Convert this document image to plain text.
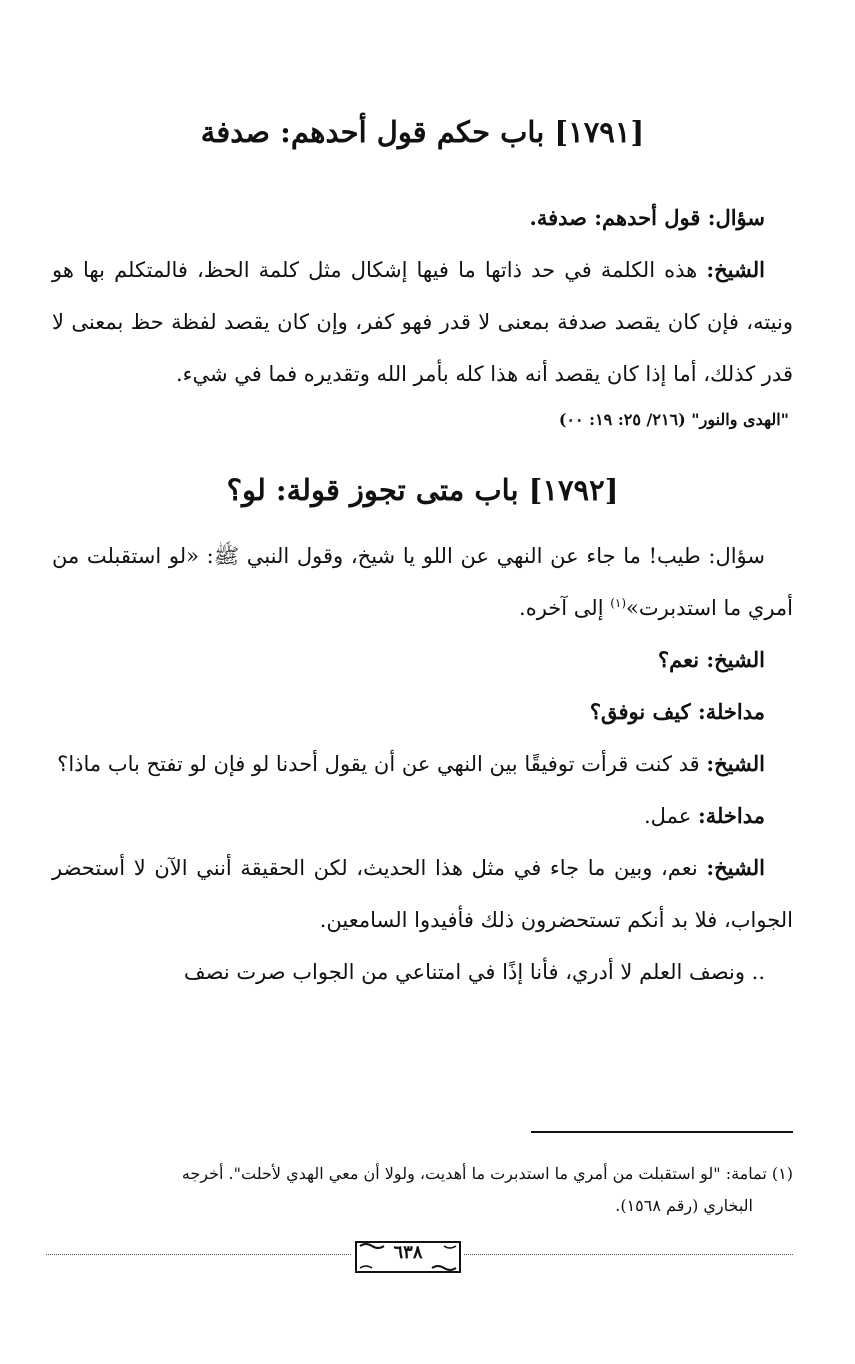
[١٧٩١] باب حكم قول أحدهم: صدفة

سؤال: قول أحدهم: صدفة.

الشيخ: هذه الكلمة في حد ذاتها ما فيها إشكال مثل كلمة الحظ، فالمتكلم بها هو ونيته، فإن كان يقصد صدفة بمعنى لا قدر فهو كفر، وإن كان يقصد لفظة حظ بمعنى لا قدر كذلك، أما إذا كان يقصد أنه هذا كله بأمر الله وتقديره فما في شيء.

"الهدى والنور" (٢١٦/ ٢٥: ١٩: ٠٠)
[١٧٩٢] باب متى تجوز قولة: لو؟

سؤال: طيب! ما جاء عن النهي عن اللو يا شيخ، وقول النبي ﷺ: «لو استقبلت من أمري ما استدبرت»$^{(١)}$ إلى آخره.

الشيخ: نعم؟

مداخلة: كيف نوفق؟

الشيخ: قد كنت قرأت توفيقًا بين النهي عن أن يقول أحدنا لو فإن لو تفتح باب ماذا؟

مداخلة: عمل.

الشيخ: نعم، وبين ما جاء في مثل هذا الحديث، لكن الحقيقة أنني الآن لا أستحضر الجواب، فلا بد أنكم تستحضرون ذلك فأفيدوا السامعين.

.. ونصف العلم لا أدري، فأنا إذًا في امتناعي من الجواب صرت نصف

(١) تمامة: "لو استقبلت من أمري ما استدبرت ما أهديت، ولولا أن معي الهدي لأحلت". أخرجه
البخاري (رقم ١٥٦٨).
٦٣٨
